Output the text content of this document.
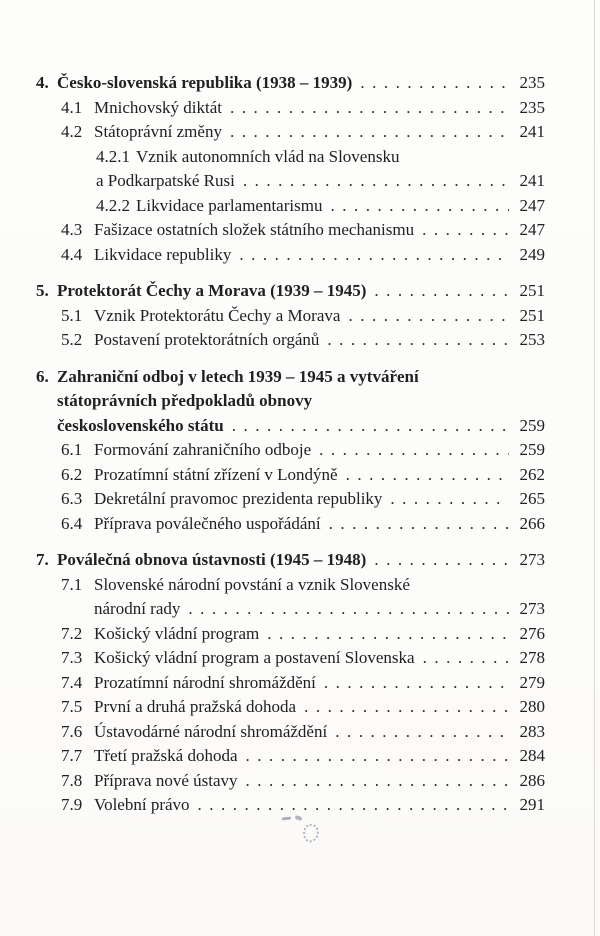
4. Česko-slovenská republika (1938 – 1939) .....	235
4.1 Mnichovský diktát .....	235
4.2 Státoprávní změny .....	241
4.2.1 Vznik autonomních vlád na Slovensku
a Podkarpatské Rusi .....	241
4.2.2 Likvidace parlamentarismu .....	247
4.3 Fašizace ostatních složek státního mechanismu .....	247
4.4 Likvidace republiky .....	249
5. Protektorát Čechy a Morava (1939 – 1945) .....	251
5.1 Vznik Protektorátu Čechy a Morava .....	251
5.2 Postavení protektorátních orgánů .....	253
6. Zahraniční odboj v letech 1939 – 1945 a vytváření
státoprávních předpokladů obnovy
československého státu .....	259
6.1 Formování zahraničního odboje .....	259
6.2 Prozatímní státní zřízení v Londýně .....	262
6.3 Dekretální pravomoc prezidenta republiky .....	265
6.4 Příprava poválečného uspořádání .....	266
7. Poválečná obnova ústavnosti (1945 – 1948) .....	273
7.1 Slovenské národní povstání a vznik Slovenské
národní rady .....	273
7.2 Košický vládní program .....	276
7.3 Košický vládní program a postavení Slovenska .....	278
7.4 Prozatímní národní shromáždění .....	279
7.5 První a druhá pražská dohoda .....	280
7.6 Ústavodárné národní shromáždění .....	283
7.7 Třetí pražská dohoda .....	284
7.8 Příprava nové ústavy .....	286
7.9 Volební právo .....	291
